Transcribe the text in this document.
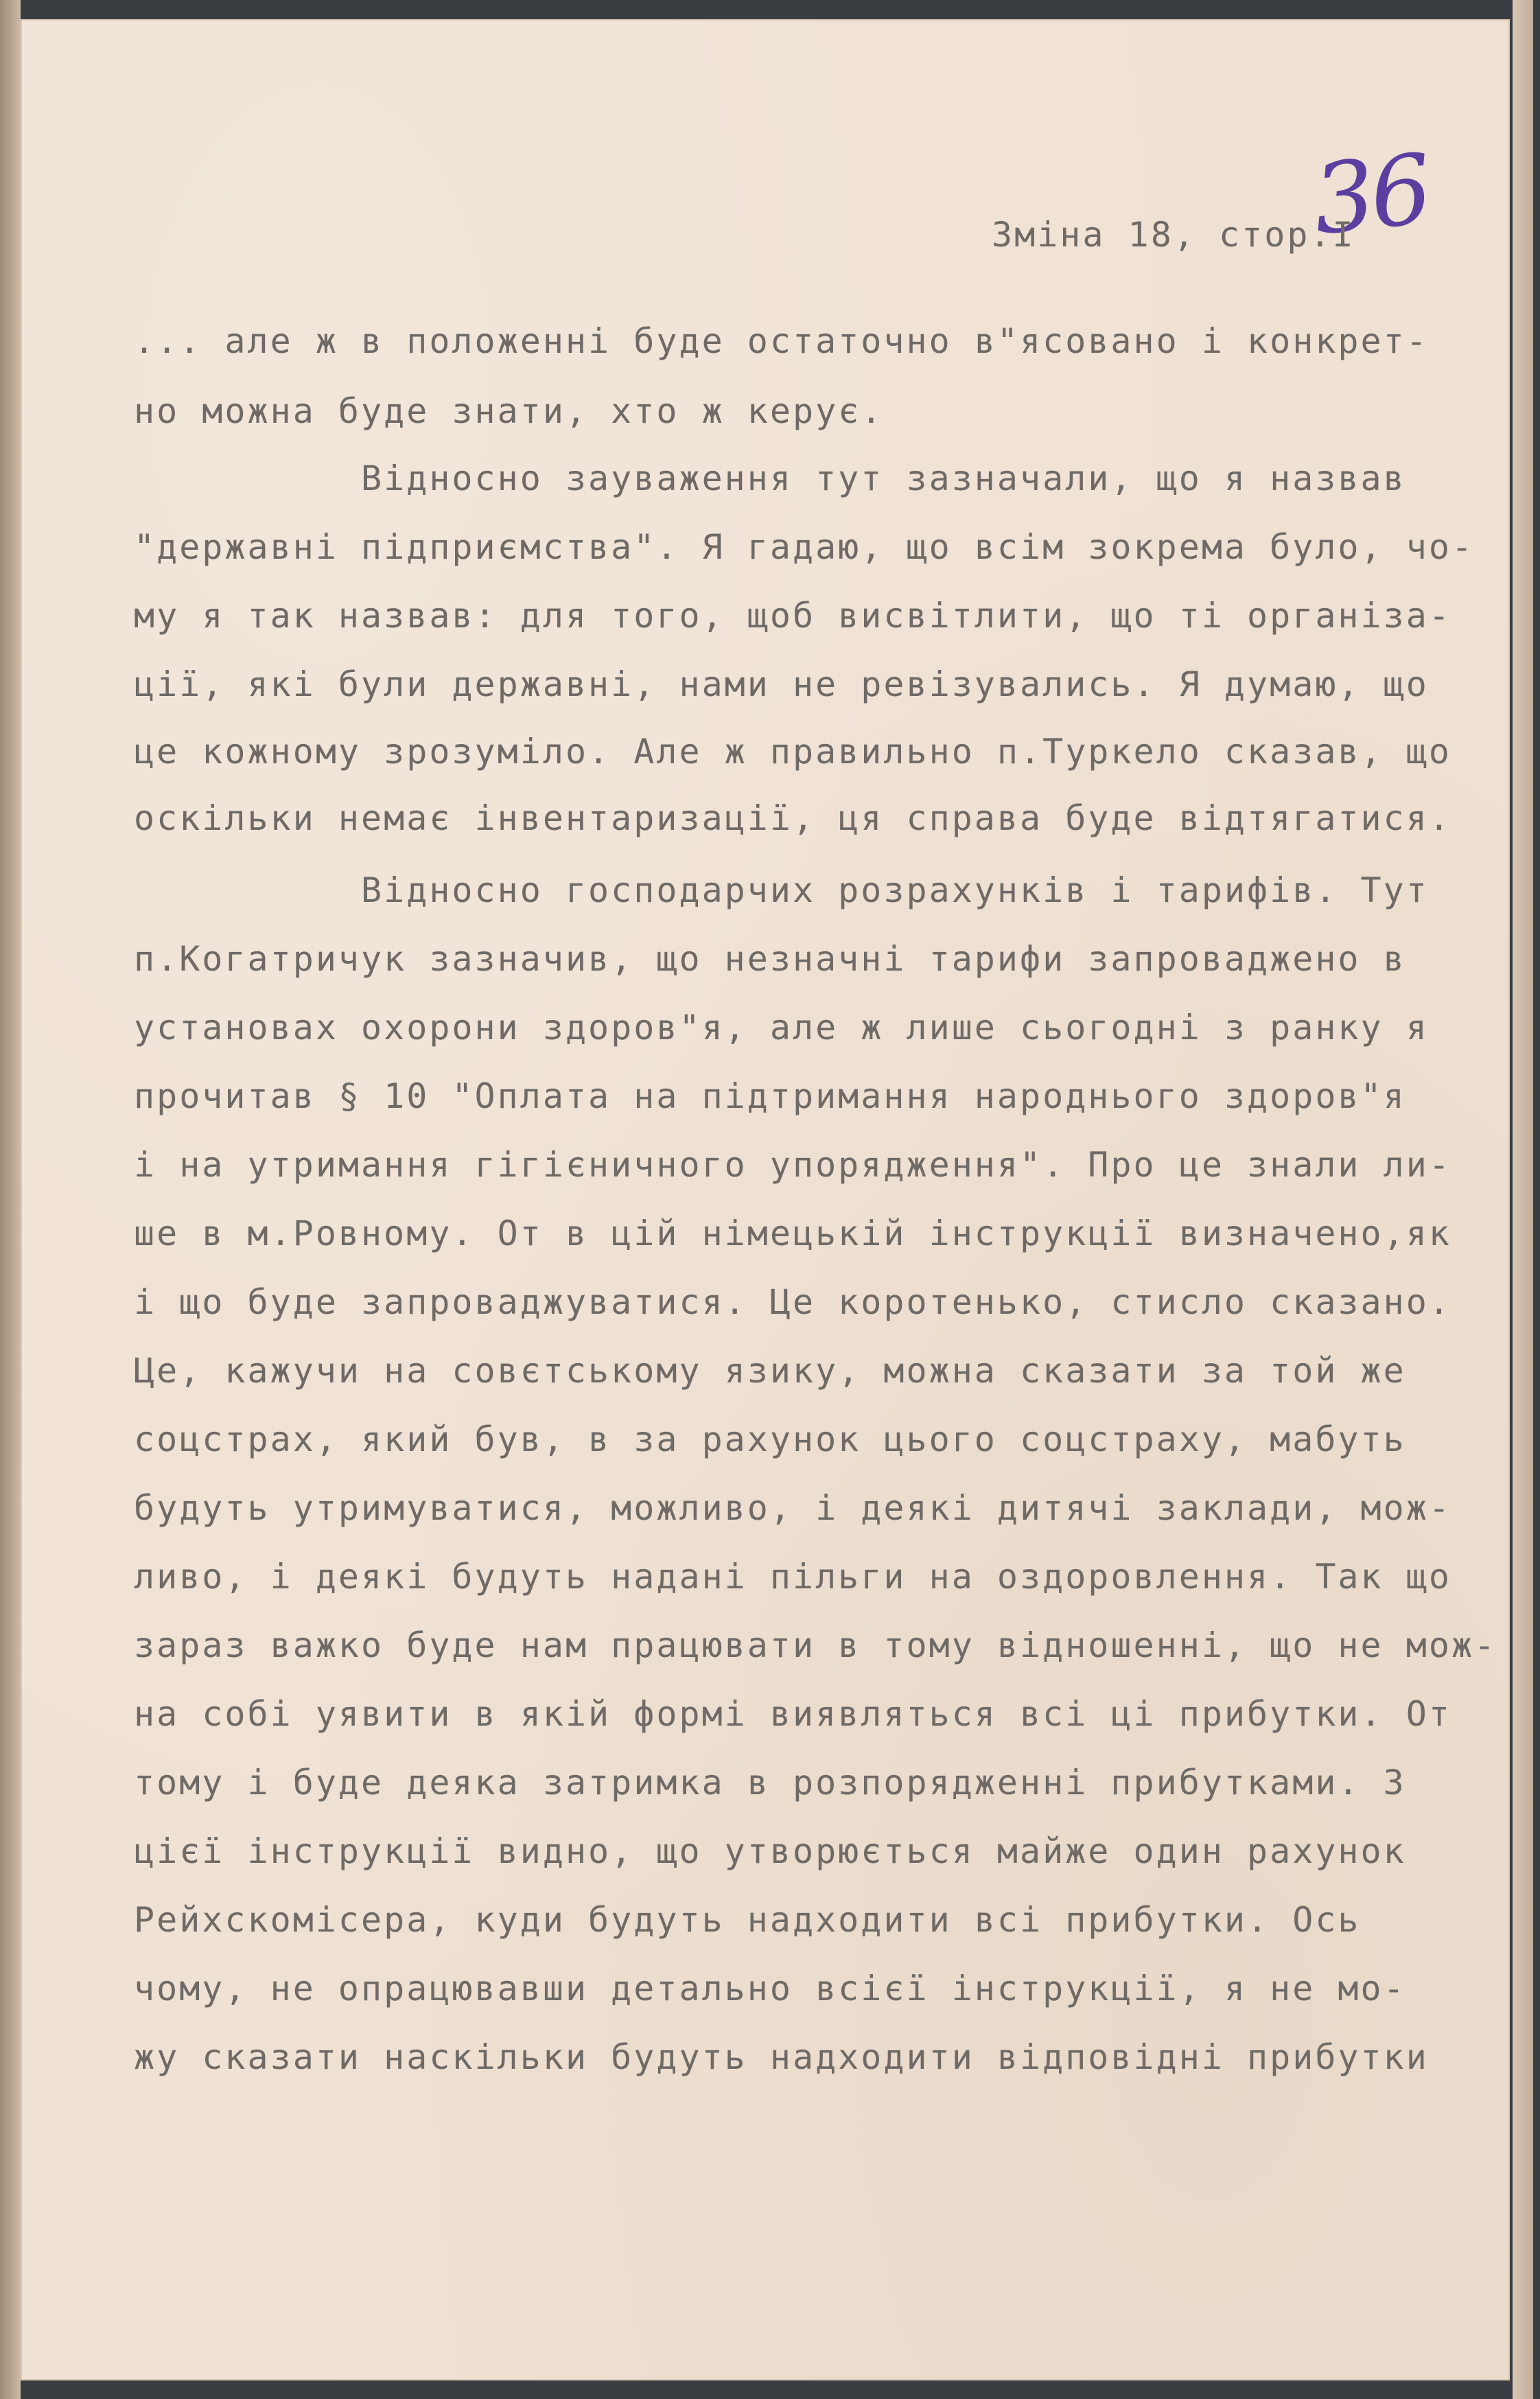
36
Зміна 18, стор.І
... але ж в положенні буде остаточно в"ясовано і конкрет-
но можна буде знати, хто ж керує.
Відносно зауваження тут зазначали, що я назвав
"державні підприємства". Я гадаю, що всім зокрема було, чо-
му я так назвав: для того, щоб висвітлити, що ті організа-
ції, які були державні, нами не ревізувались. Я думаю, що
це кожному зрозуміло. Але ж правильно п.Туркело сказав, що
оскільки немає інвентаризації, ця справа буде відтягатися.
Відносно господарчих розрахунків і тарифів. Тут
п.Когатричук зазначив, що незначні тарифи запроваджено в
установах охорони здоров"я, але ж лише сьогодні з ранку я
прочитав § 10 "Оплата на підтримання народнього здоров"я
і на утримання гігієничного упорядження". Про це знали ли-
ше в м.Ровному. От в цій німецькій інструкції визначено,як
і що буде запроваджуватися. Це коротенько, стисло сказано.
Це, кажучи на совєтському язику, можна сказати за той же
соцстрах, який був, в за рахунок цього соцстраху, мабуть
будуть утримуватися, можливо, і деякі дитячі заклади, мож-
ливо, і деякі будуть надані пільги на оздоровлення. Так що
зараз важко буде нам працювати в тому відношенні, що не мож-
на собі уявити в якій формі виявляться всі ці прибутки. От
тому і буде деяка затримка в розпорядженні прибутками. З
цієї інструкції видно, що утворюється майже один рахунок
Рейхскомісера, куди будуть надходити всі прибутки. Ось
чому, не опрацювавши детально всієї інструкції, я не мо-
жу сказати наскільки будуть надходити відповідні прибутки
